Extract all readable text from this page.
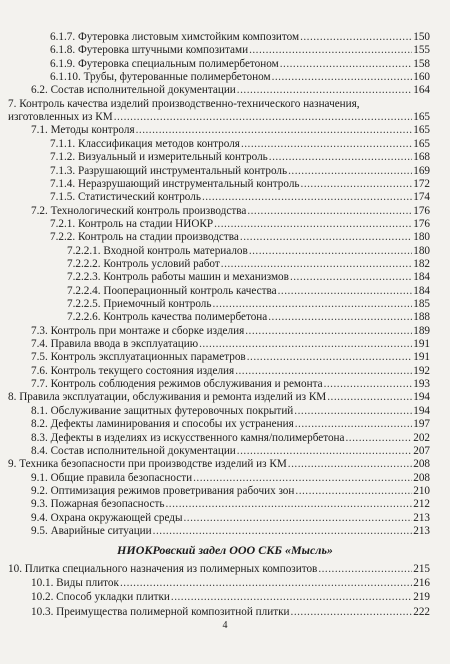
6.1.7. Футеровка листовым химстойким композитом .....	150
6.1.8. Футеровка штучными композитами .....	155
6.1.9. Футеровка специальным полимербетоном .....	158
6.1.10. Трубы, футерованные полимербетоном .....	160
6.2. Состав исполнительной документации .....	164
7. Контроль качества изделий производственно-технического назначения,
изготовленных из КМ .....	165
7.1. Методы контроля .....	165
7.1.1. Классификация методов контроля .....	165
7.1.2. Визуальный и измерительный контроль .....	168
7.1.3. Разрушающий инструментальный контроль .....	169
7.1.4. Неразрушающий инструментальный контроль .....	172
7.1.5. Статистический контроль .....	174
7.2. Технологический контроль производства .....	176
7.2.1. Контроль на стадии НИОКР .....	176
7.2.2. Контроль на стадии производства .....	180
7.2.2.1. Входной контроль материалов .....	180
7.2.2.2. Контроль условий работ .....	182
7.2.2.3. Контроль работы машин и механизмов .....	184
7.2.2.4. Пооперационный контроль качества .....	184
7.2.2.5. Приемочный контроль .....	185
7.2.2.6. Контроль качества полимербетона .....	188
7.3. Контроль при монтаже и сборке изделия .....	189
7.4. Правила ввода в эксплуатацию .....	191
7.5. Контроль эксплуатационных параметров .....	191
7.6. Контроль текущего состояния изделия .....	192
7.7. Контроль соблюдения режимов обслуживания и ремонта .....	193
8. Правила эксплуатации, обслуживания и ремонта изделий из КМ .....	194
8.1. Обслуживание защитных футеровочных покрытий .....	194
8.2. Дефекты ламинирования и способы их устранения .....	197
8.3. Дефекты в изделиях из искусственного камня/полимербетона .....	202
8.4. Состав исполнительной документации .....	207
9. Техника безопасности при производстве изделий из КМ .....	208
9.1. Общие правила безопасности .....	208
9.2. Оптимизация режимов проветривания рабочих зон .....	210
9.3. Пожарная безопасность .....	212
9.4. Охрана окружающей среды .....	213
9.5. Аварийные ситуации .....	213
10. Плитка специального назначения из полимерных композитов .....	215
10.1. Виды плиток .....	216
10.2. Способ укладки плитки .....	219
10.3. Преимущества полимерной композитной плитки .....	222
НИОКРовский задел ООО СКБ «Мысль»
4
